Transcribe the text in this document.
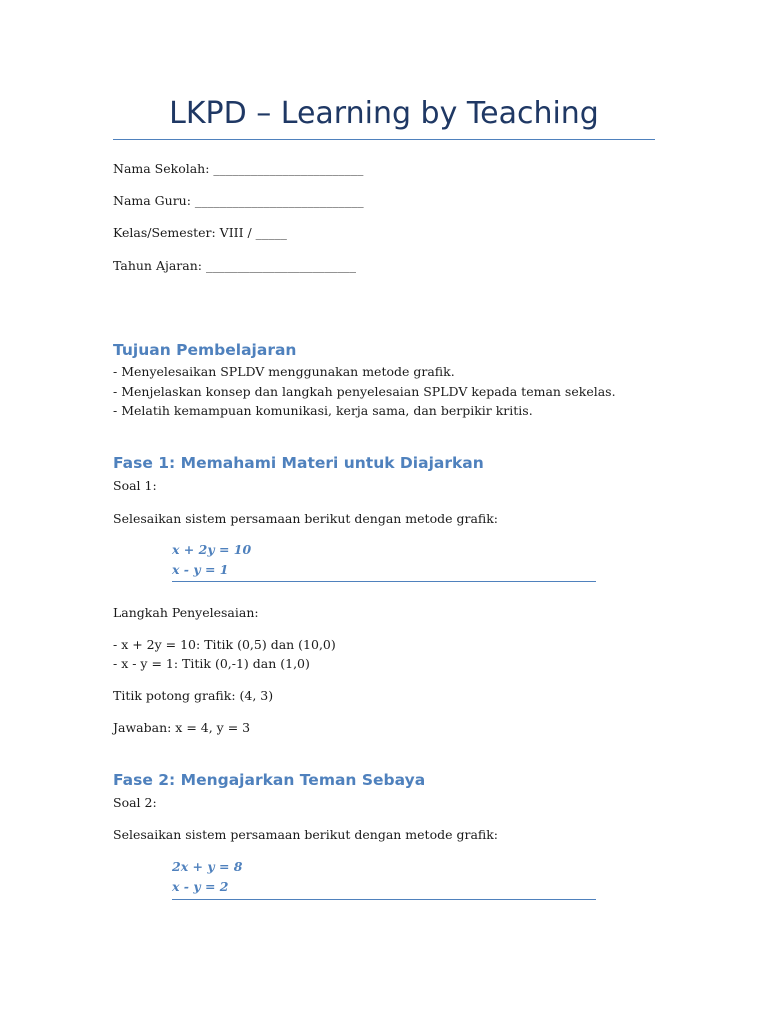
LKPD – Learning by Teaching
Nama Sekolah: ________________________
Nama Guru: ___________________________
Kelas/Semester: VIII / _____
Tahun Ajaran: ________________________
Tujuan Pembelajaran
- Menyelesaikan SPLDV menggunakan metode grafik.
- Menjelaskan konsep dan langkah penyelesaian SPLDV kepada teman sekelas.
- Melatih kemampuan komunikasi, kerja sama, dan berpikir kritis.
Fase 1: Memahami Materi untuk Diajarkan
Soal 1:
Selesaikan sistem persamaan berikut dengan metode grafik:
x + 2y = 10
x - y = 1
Langkah Penyelesaian:
- x + 2y = 10: Titik (0,5) dan (10,0)
- x - y = 1: Titik (0,-1) dan (1,0)
Titik potong grafik: (4, 3)
Jawaban: x = 4, y = 3
Fase 2: Mengajarkan Teman Sebaya
Soal 2:
Selesaikan sistem persamaan berikut dengan metode grafik:
2x + y = 8
x - y = 2
